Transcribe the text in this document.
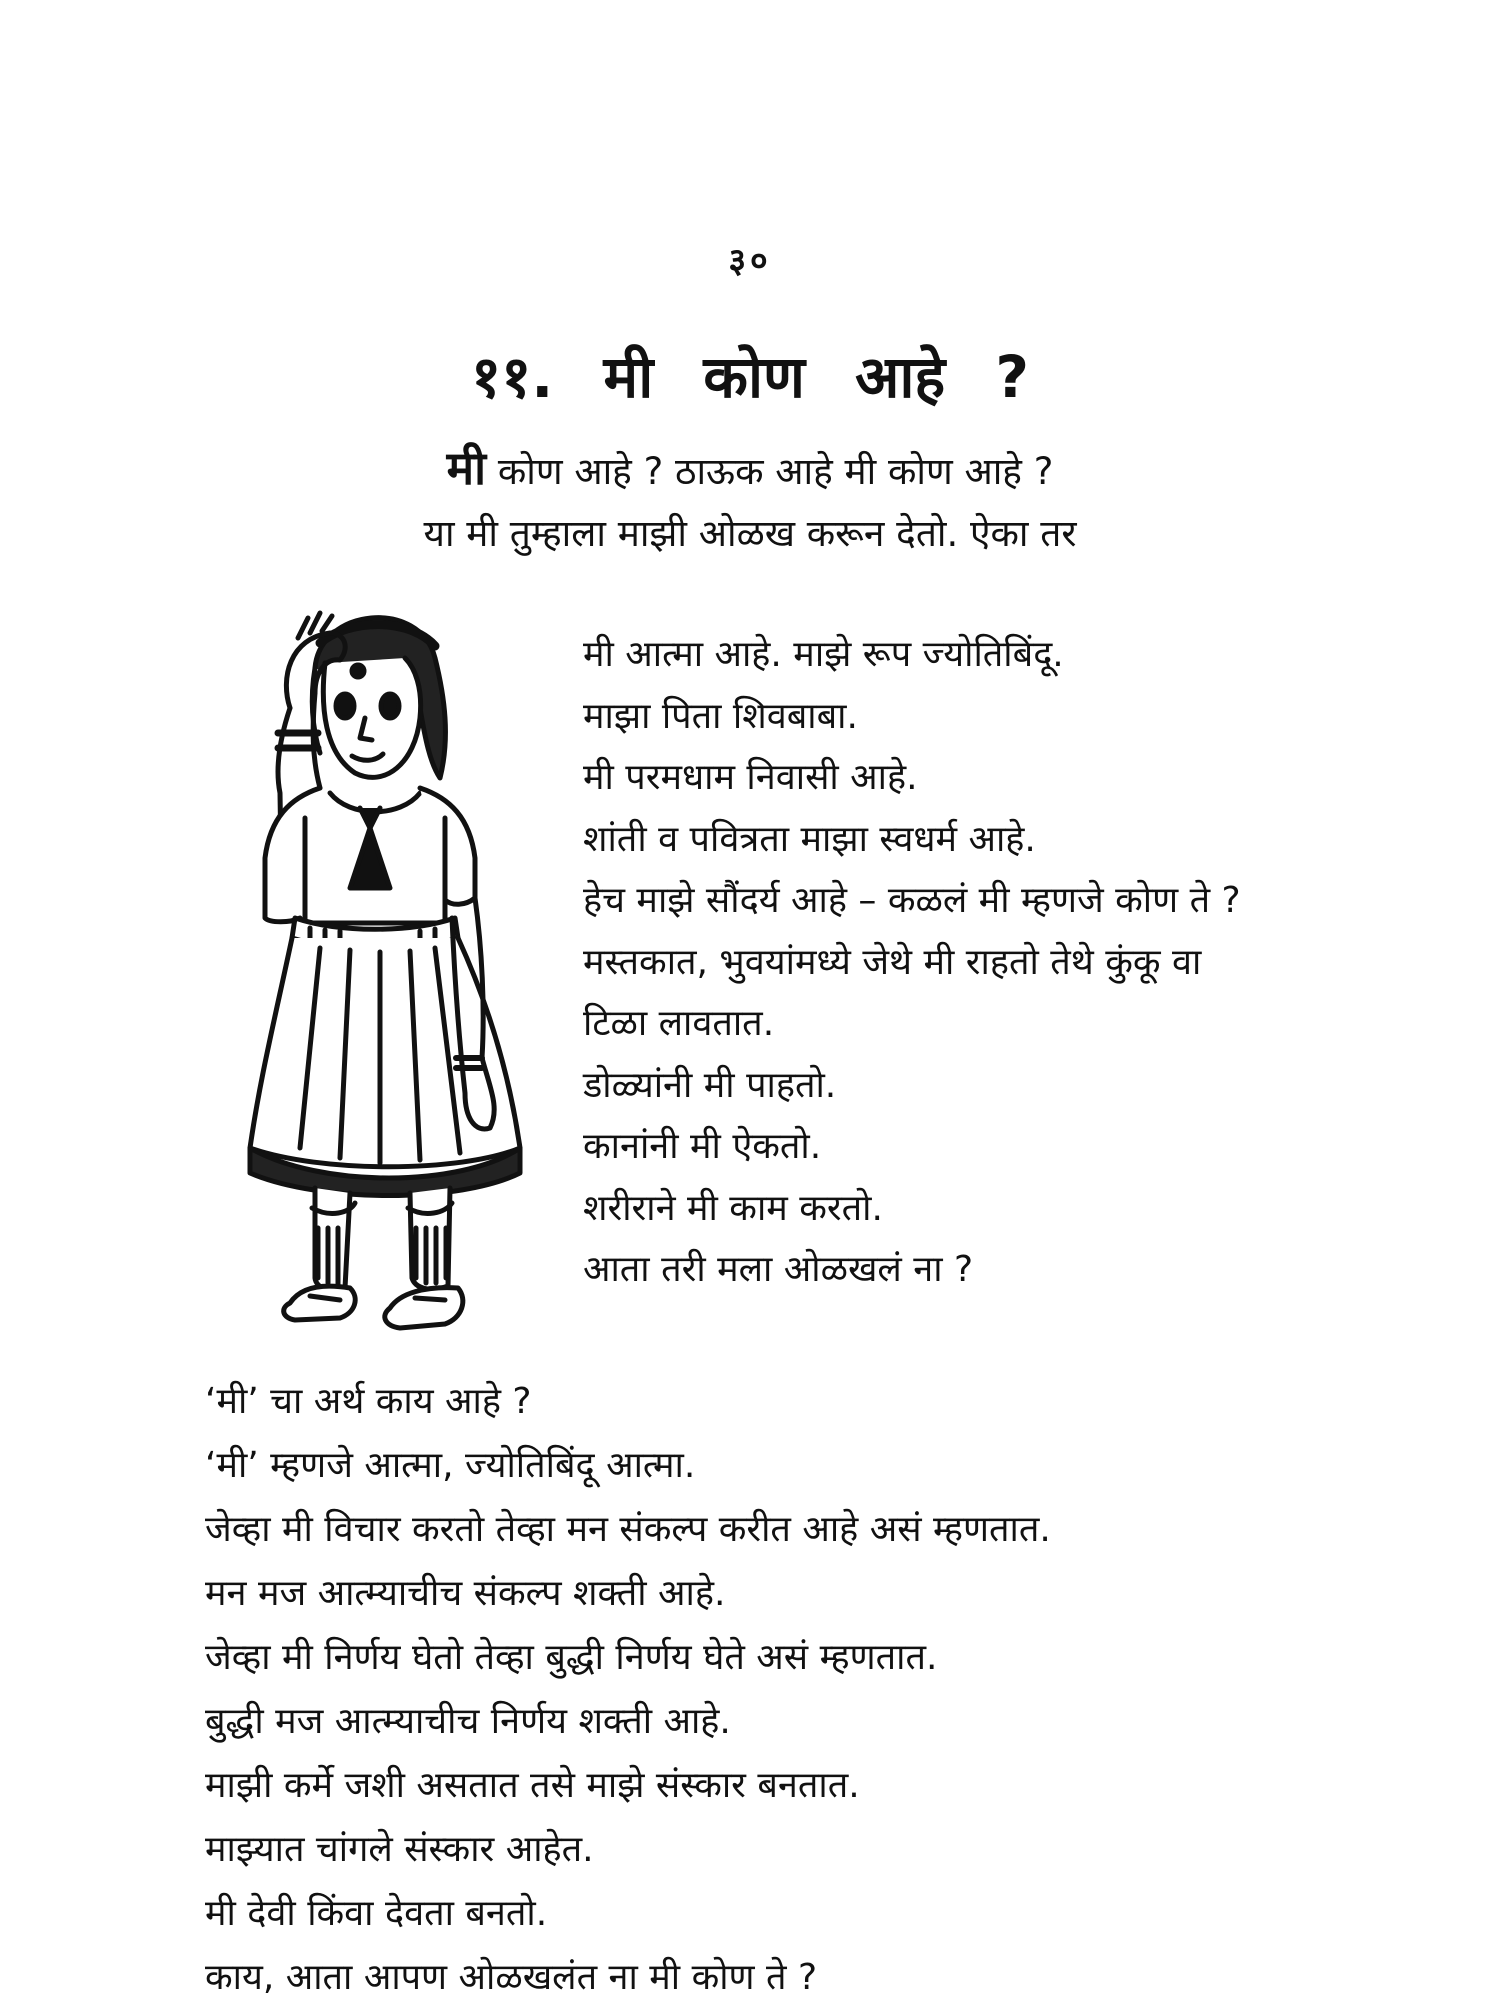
३०
११. मी कोण आहे ?
मी कोण आहे ? ठाऊक आहे मी कोण आहे ?
या मी तुम्हाला माझी ओळख करून देतो. ऐका तर
मी आत्मा आहे. माझे रूप ज्योतिबिंदू.
माझा पिता शिवबाबा.
मी परमधाम निवासी आहे.
शांती व पवित्रता माझा स्वधर्म आहे.
हेच माझे सौंदर्य आहे – कळलं मी म्हणजे कोण ते ?
मस्तकात, भुवयांमध्ये जेथे मी राहतो तेथे कुंकू वा
टिळा लावतात.
डोळ्यांनी मी पाहतो.
कानांनी मी ऐकतो.
शरीराने मी काम करतो.
आता तरी मला ओळखलं ना ?
‘मी’ चा अर्थ काय आहे ?
‘मी’ म्हणजे आत्मा, ज्योतिबिंदू आत्मा.
जेव्हा मी विचार करतो तेव्हा मन संकल्प करीत आहे असं म्हणतात.
मन मज आत्म्याचीच संकल्प शक्ती आहे.
जेव्हा मी निर्णय घेतो तेव्हा बुद्धी निर्णय घेते असं म्हणतात.
बुद्धी मज आत्म्याचीच निर्णय शक्ती आहे.
माझी कर्मे जशी असतात तसे माझे संस्कार बनतात.
माझ्यात चांगले संस्कार आहेत.
मी देवी किंवा देवता बनतो.
काय, आता आपण ओळखलंत ना मी कोण ते ?
